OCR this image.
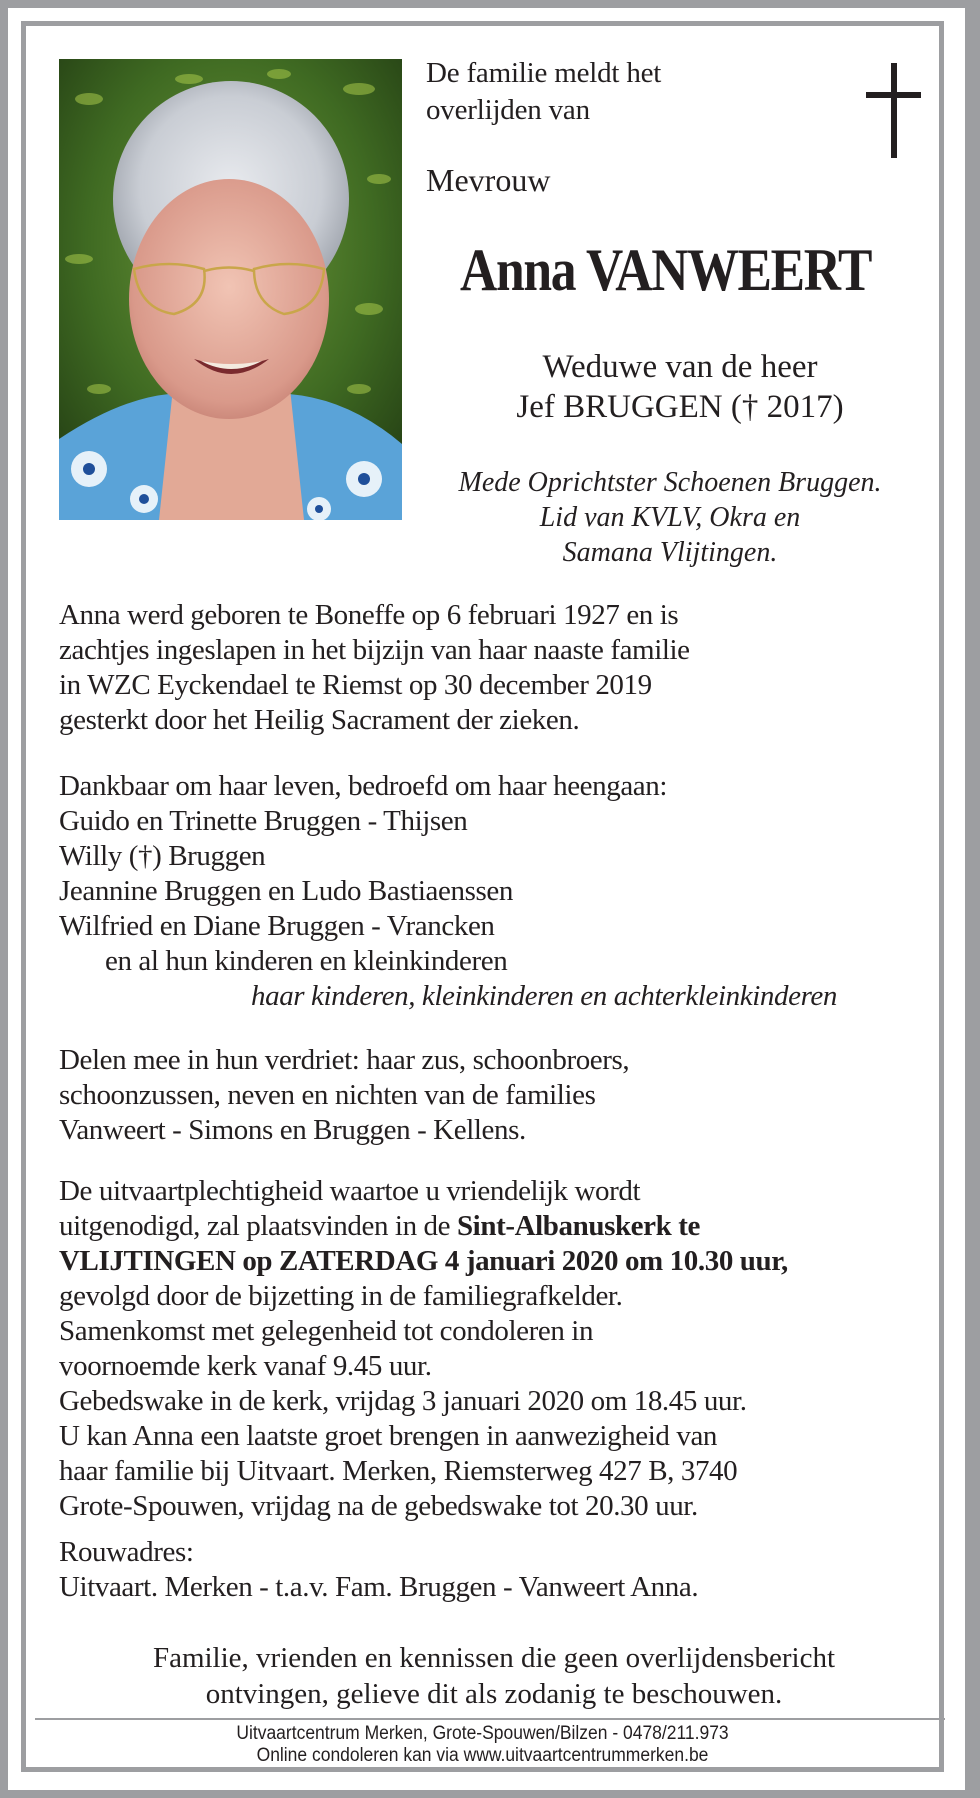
De familie meldt het
overlijden van
Mevrouw
Anna VANWEERT
Weduwe van de heer
Jef BRUGGEN († 2017)
Mede Oprichtster Schoenen Bruggen.
Lid van KVLV, Okra en
Samana Vlijtingen.
Anna werd geboren te Boneffe op 6 februari 1927 en is
zachtjes ingeslapen in het bijzijn van haar naaste familie
in WZC Eyckendael te Riemst op 30 december 2019
gesterkt door het Heilig Sacrament der zieken.
Dankbaar om haar leven, bedroefd om haar heengaan:
Guido en Trinette Bruggen - Thijsen
Willy (†) Bruggen
Jeannine Bruggen en Ludo Bastiaenssen
Wilfried en Diane Bruggen - Vrancken
en al hun kinderen en kleinkinderen
haar kinderen, kleinkinderen en achterkleinkinderen
Delen mee in hun verdriet: haar zus, schoonbroers,
schoonzussen, neven en nichten van de families
Vanweert - Simons en Bruggen - Kellens.
De uitvaartplechtigheid waartoe u vriendelijk wordt
uitgenodigd, zal plaatsvinden in de Sint-Albanuskerk te
VLIJTINGEN op ZATERDAG 4 januari 2020 om 10.30 uur,
gevolgd door de bijzetting in de familiegrafkelder.
Samenkomst met gelegenheid tot condoleren in
voornoemde kerk vanaf 9.45 uur.
Gebedswake in de kerk, vrijdag 3 januari 2020 om 18.45 uur.
U kan Anna een laatste groet brengen in aanwezigheid van
haar familie bij Uitvaart. Merken, Riemsterweg 427 B, 3740
Grote-Spouwen, vrijdag na de gebedswake tot 20.30 uur.
Rouwadres:
Uitvaart. Merken - t.a.v. Fam. Bruggen - Vanweert Anna.
Familie, vrienden en kennissen die geen overlijdensbericht
ontvingen, gelieve dit als zodanig te beschouwen.
Uitvaartcentrum Merken, Grote-Spouwen/Bilzen - 0478/211.973
Online condoleren kan via www.uitvaartcentrummerken.be
